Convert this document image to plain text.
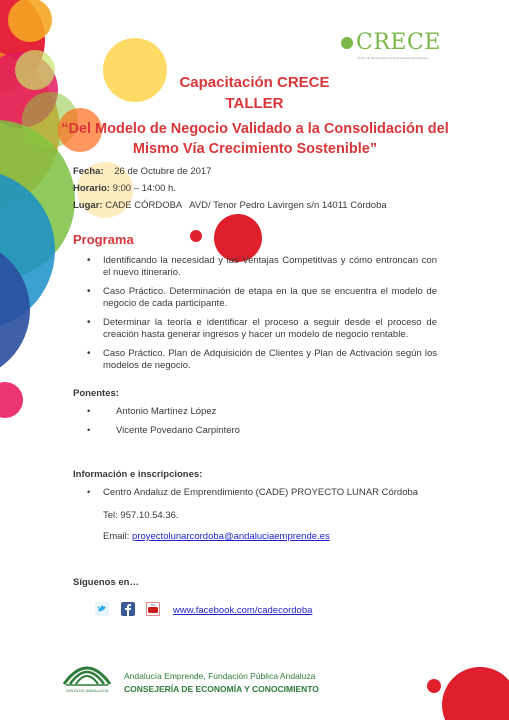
CRECE
Centro de Rendimiento de Empresas Emprendedoras
Capacitación CRECE
TALLER
“Del Modelo de Negocio Validado a la Consolidación del Mismo Vía Crecimiento Sostenible”
Fecha: 26 de Octubre de 2017
Horario: 9:00 – 14:00 h.
Lugar: CADE CÓRDOBA   AVD/ Tenor Pedro Lavirgen s/n 14011 Córdoba
Programa
• Identificando la necesidad y las Ventajas Competitivas y cómo entroncan con el nuevo itinerario.
• Caso Práctico. Determinación de etapa en la que se encuentra el modelo de negocio de cada participante.
• Determinar la teoría e identificar el proceso a seguir desde el proceso de creación hasta generar ingresos y hacer un modelo de negocio rentable.
• Caso Práctico. Plan de Adquisición de Clientes y Plan de Activación según los modelos de negocio.
Ponentes:
• Antonio Martínez López
• Vicente Povedano Carpintero
Información e inscripciones:
• Centro Andaluz de Emprendimiento (CADE) PROYECTO LUNAR Córdoba
Tel: 957.10.54.36.
Email: proyectolunarcordoba@andaluciaemprende.es
Síguenos en…
You www.facebook.com/cadecordoba
JUNTA DE ANDALUCÍA
Andalucía Emprende, Fundación Pública Andaluza
CONSEJERÍA DE ECONOMÍA Y CONOCIMIENTO
